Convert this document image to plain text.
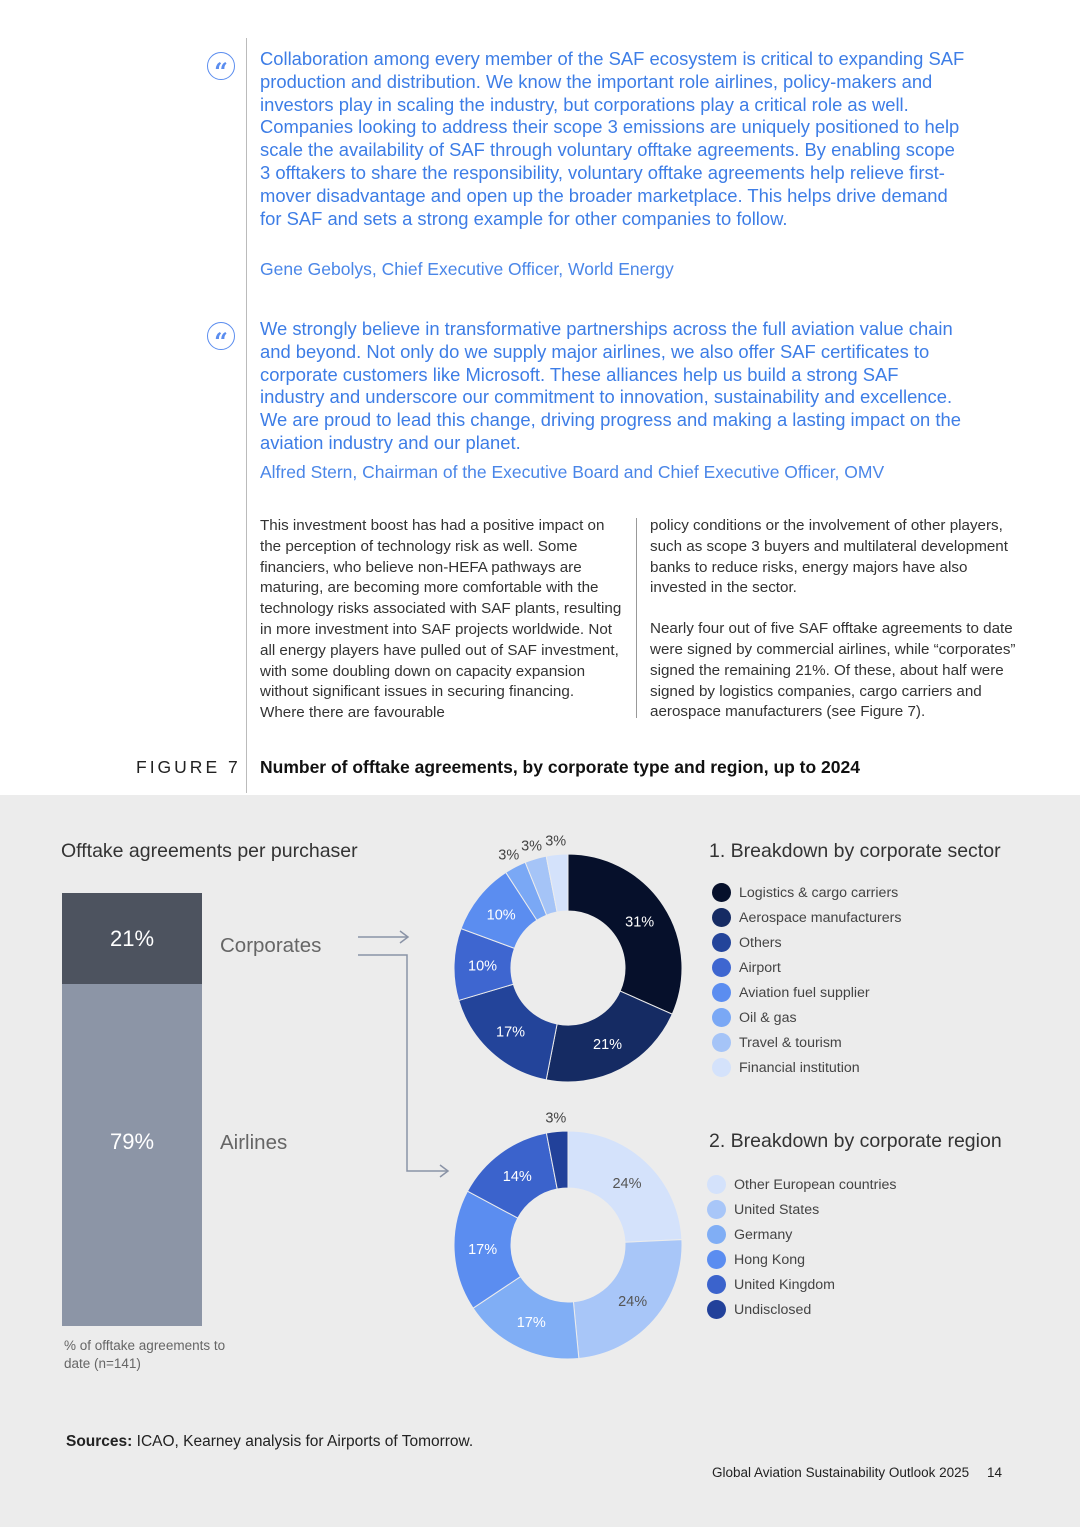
“	Collaboration among every member of the SAF ecosystem is critical to expanding SAF production and distribution. We know the important role airlines, policy-makers and investors play in scaling the industry, but corporations play a critical role as well. Companies looking to address their scope 3 emissions are uniquely positioned to help scale the availability of SAF through voluntary offtake agreements. By enabling scope 3 offtakers to share the responsibility, voluntary offtake agreements help relieve first-mover disadvantage and open up the broader marketplace. This helps drive demand for SAF and sets a strong example for other companies to follow.
Gene Gebolys, Chief Executive Officer, World Energy
“	We strongly believe in transformative partnerships across the full aviation value chain and beyond. Not only do we supply major airlines, we also offer SAF certificates to corporate customers like Microsoft. These alliances help us build a strong SAF industry and underscore our commitment to innovation, sustainability and excellence. We are proud to lead this change, driving progress and making a lasting impact on the aviation industry and our planet.
Alfred Stern, Chairman of the Executive Board and Chief Executive Officer, OMV
This investment boost has had a positive impact on the perception of technology risk as well. Some financiers, who believe non-HEFA pathways are maturing, are becoming more comfortable with the technology risks associated with SAF plants, resulting in more investment into SAF projects worldwide. Not all energy players have pulled out of SAF investment, with some doubling down on capacity expansion without significant issues in securing financing. Where there are favourable
policy conditions or the involvement of other players, such as scope 3 buyers and multilateral development banks to reduce risks, energy majors have also invested in the sector.
Nearly four out of five SAF offtake agreements to date were signed by commercial airlines, while “corporates” signed the remaining 21%. Of these, about half were signed by logistics companies, cargo carriers and aerospace manufacturers (see Figure 7).
FIGURE 7 Number of offtake agreements, by corporate type and region, up to 2024
Offtake agreements per purchaser
21%
79%
Corporates
Airlines
% of offtake agreements to date (n=141)
31%
21%
17%
10%
10%
3%
3% 3%
24%
24%
17%
17%
14%
3%
1. Breakdown by corporate sector
Logistics & cargo carriers
Aerospace manufacturers
Others
Airport
Aviation fuel supplier
Oil & gas
Travel & tourism
Financial institution
2. Breakdown by corporate region
Other European countries
United States
Germany
Hong Kong
United Kingdom
Undisclosed
Sources: ICAO, Kearney analysis for Airports of Tomorrow.
Global Aviation Sustainability Outlook 2025 14
